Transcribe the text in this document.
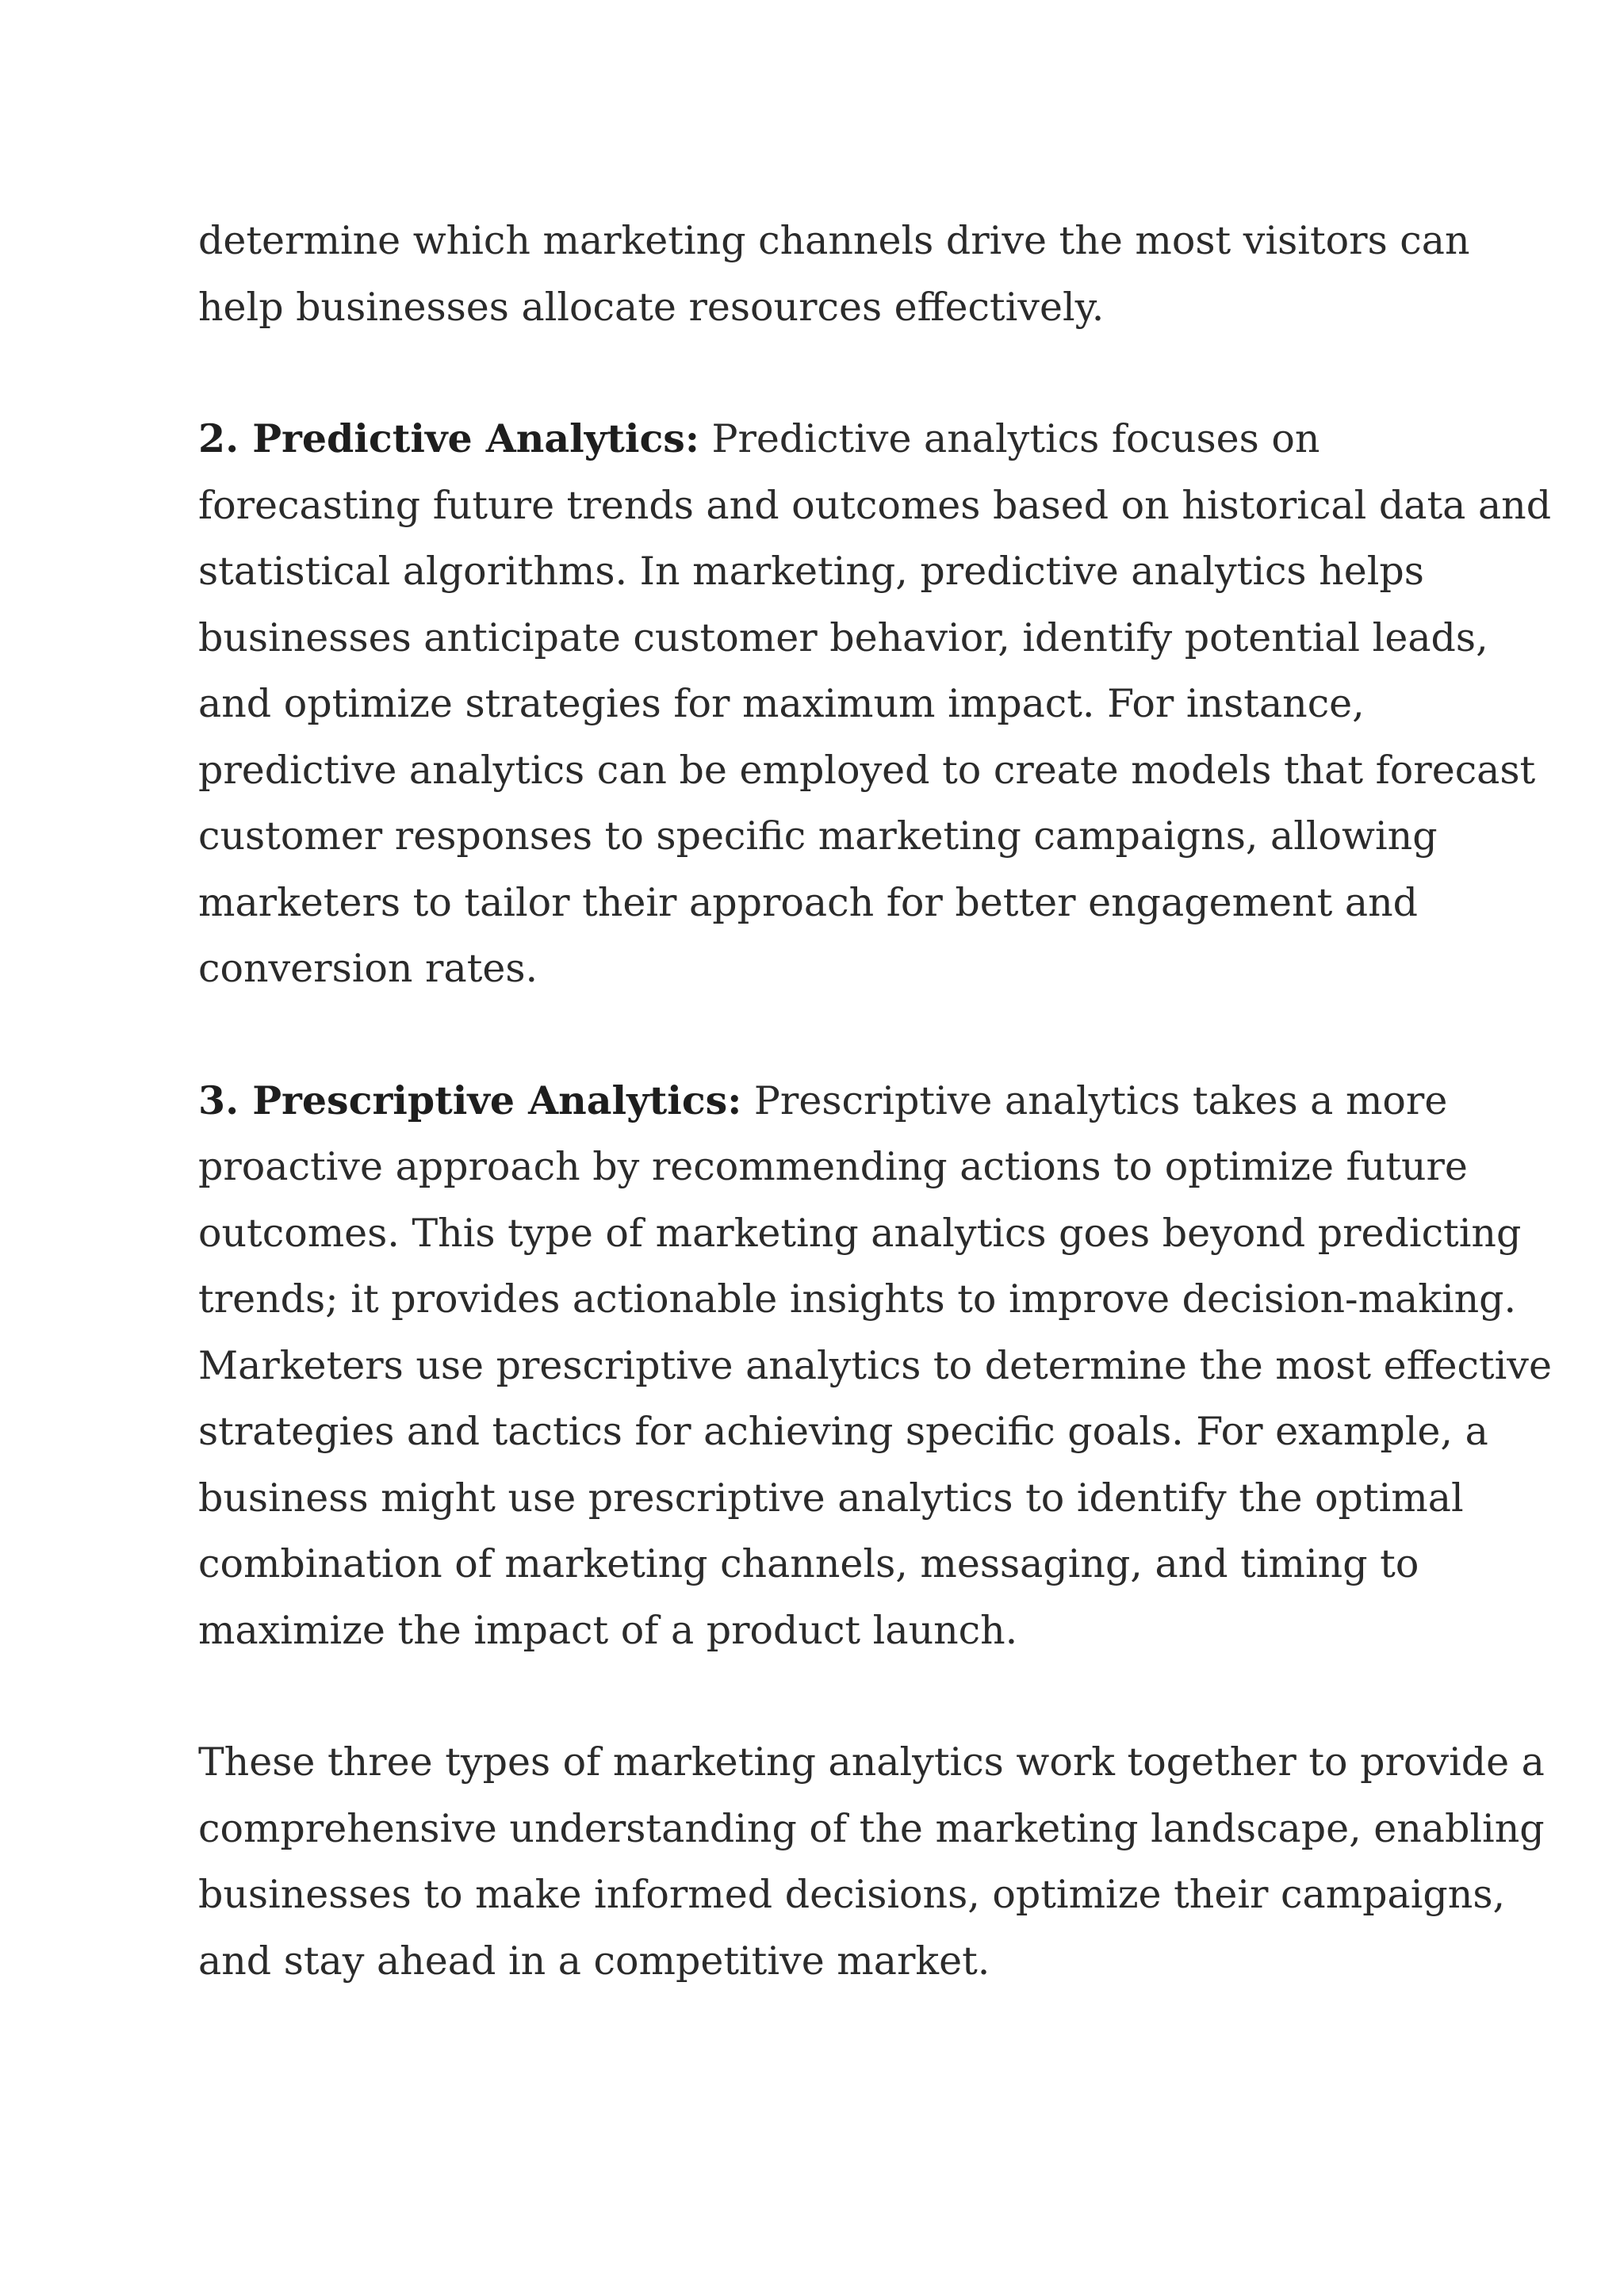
determine which marketing channels drive the most visitors can
help businesses allocate resources effectively.
2. Predictive Analytics: Predictive analytics focuses on
forecasting future trends and outcomes based on historical data and
statistical algorithms. In marketing, predictive analytics helps
businesses anticipate customer behavior, identify potential leads,
and optimize strategies for maximum impact. For instance,
predictive analytics can be employed to create models that forecast
customer responses to specific marketing campaigns, allowing
marketers to tailor their approach for better engagement and
conversion rates.
3. Prescriptive Analytics: Prescriptive analytics takes a more
proactive approach by recommending actions to optimize future
outcomes. This type of marketing analytics goes beyond predicting
trends; it provides actionable insights to improve decision-making.
Marketers use prescriptive analytics to determine the most effective
strategies and tactics for achieving specific goals. For example, a
business might use prescriptive analytics to identify the optimal
combination of marketing channels, messaging, and timing to
maximize the impact of a product launch.
These three types of marketing analytics work together to provide a
comprehensive understanding of the marketing landscape, enabling
businesses to make informed decisions, optimize their campaigns,
and stay ahead in a competitive market.
